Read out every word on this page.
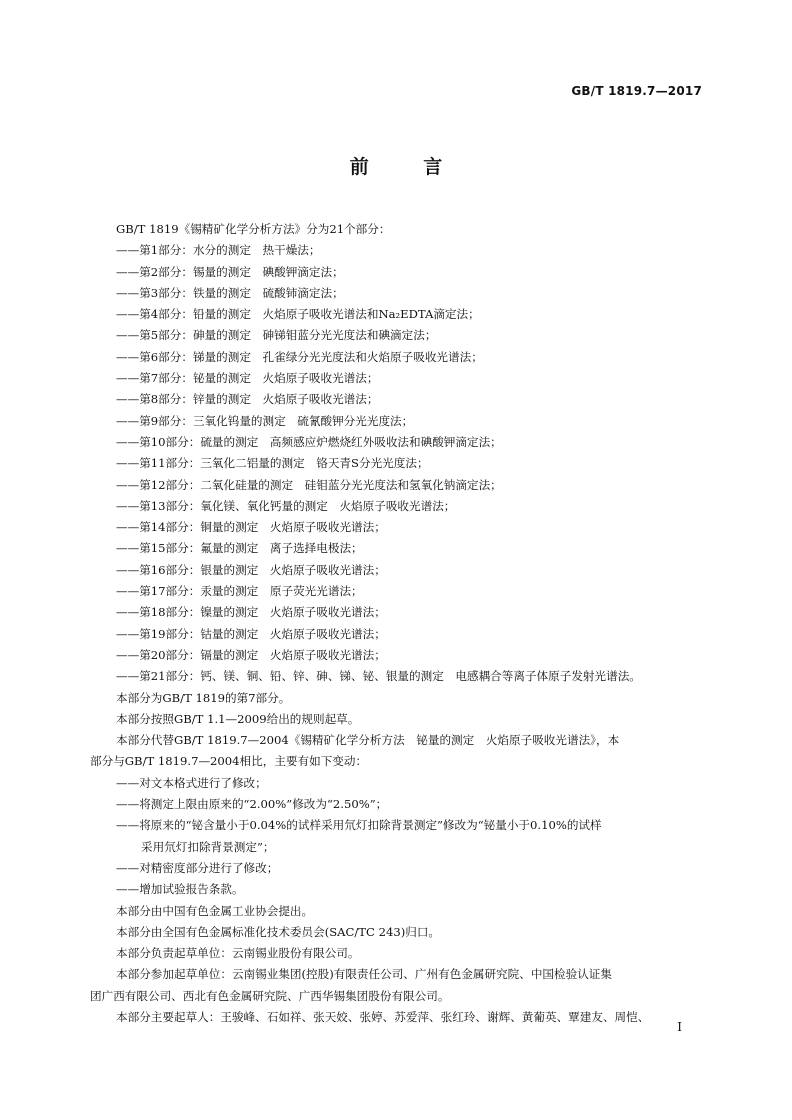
GB/T 1819.7—2017
前 言
GB/T 1819《锡精矿化学分析方法》分为21个部分：
——第1部分：水分的测定　热干燥法；
——第2部分：锡量的测定　碘酸钾滴定法；
——第3部分：铁量的测定　硫酸铈滴定法；
——第4部分：铅量的测定　火焰原子吸收光谱法和Na₂EDTA滴定法；
——第5部分：砷量的测定　砷锑钼蓝分光光度法和碘滴定法；
——第6部分：锑量的测定　孔雀绿分光光度法和火焰原子吸收光谱法；
——第7部分：铋量的测定　火焰原子吸收光谱法；
——第8部分：锌量的测定　火焰原子吸收光谱法；
——第9部分：三氧化钨量的测定　硫氰酸钾分光光度法；
——第10部分：硫量的测定　高频感应炉燃烧红外吸收法和碘酸钾滴定法；
——第11部分：三氧化二铝量的测定　铬天青S分光光度法；
——第12部分：二氧化硅量的测定　硅钼蓝分光光度法和氢氧化钠滴定法；
——第13部分：氧化镁、氧化钙量的测定　火焰原子吸收光谱法；
——第14部分：铜量的测定　火焰原子吸收光谱法；
——第15部分：氟量的测定　离子选择电极法；
——第16部分：银量的测定　火焰原子吸收光谱法；
——第17部分：汞量的测定　原子荧光光谱法；
——第18部分：镍量的测定　火焰原子吸收光谱法；
——第19部分：钴量的测定　火焰原子吸收光谱法；
——第20部分：镉量的测定　火焰原子吸收光谱法；
——第21部分：钙、镁、铜、铅、锌、砷、锑、铋、银量的测定　电感耦合等离子体原子发射光谱法。
本部分为GB/T 1819的第7部分。
本部分按照GB/T 1.1—2009给出的规则起草。
本部分代替GB/T 1819.7—2004《锡精矿化学分析方法　铋量的测定　火焰原子吸收光谱法》，本
部分与GB/T 1819.7—2004相比，主要有如下变动：
——对文本格式进行了修改；
——将测定上限由原来的“2.00%”修改为“2.50%”；
——将原来的“铋含量小于0.04%的试样采用氘灯扣除背景测定”修改为“铋量小于0.10%的试样
采用氘灯扣除背景测定”；
——对精密度部分进行了修改；
——增加试验报告条款。
本部分由中国有色金属工业协会提出。
本部分由全国有色金属标准化技术委员会(SAC/TC 243)归口。
本部分负责起草单位：云南锡业股份有限公司。
本部分参加起草单位：云南锡业集团(控股)有限责任公司、广州有色金属研究院、中国检验认证集
团广西有限公司、西北有色金属研究院、广西华锡集团股份有限公司。
本部分主要起草人：王骏峰、石如祥、张天姣、张婷、苏爱萍、张红玲、谢辉、黄葡英、覃建友、周恺、
I
